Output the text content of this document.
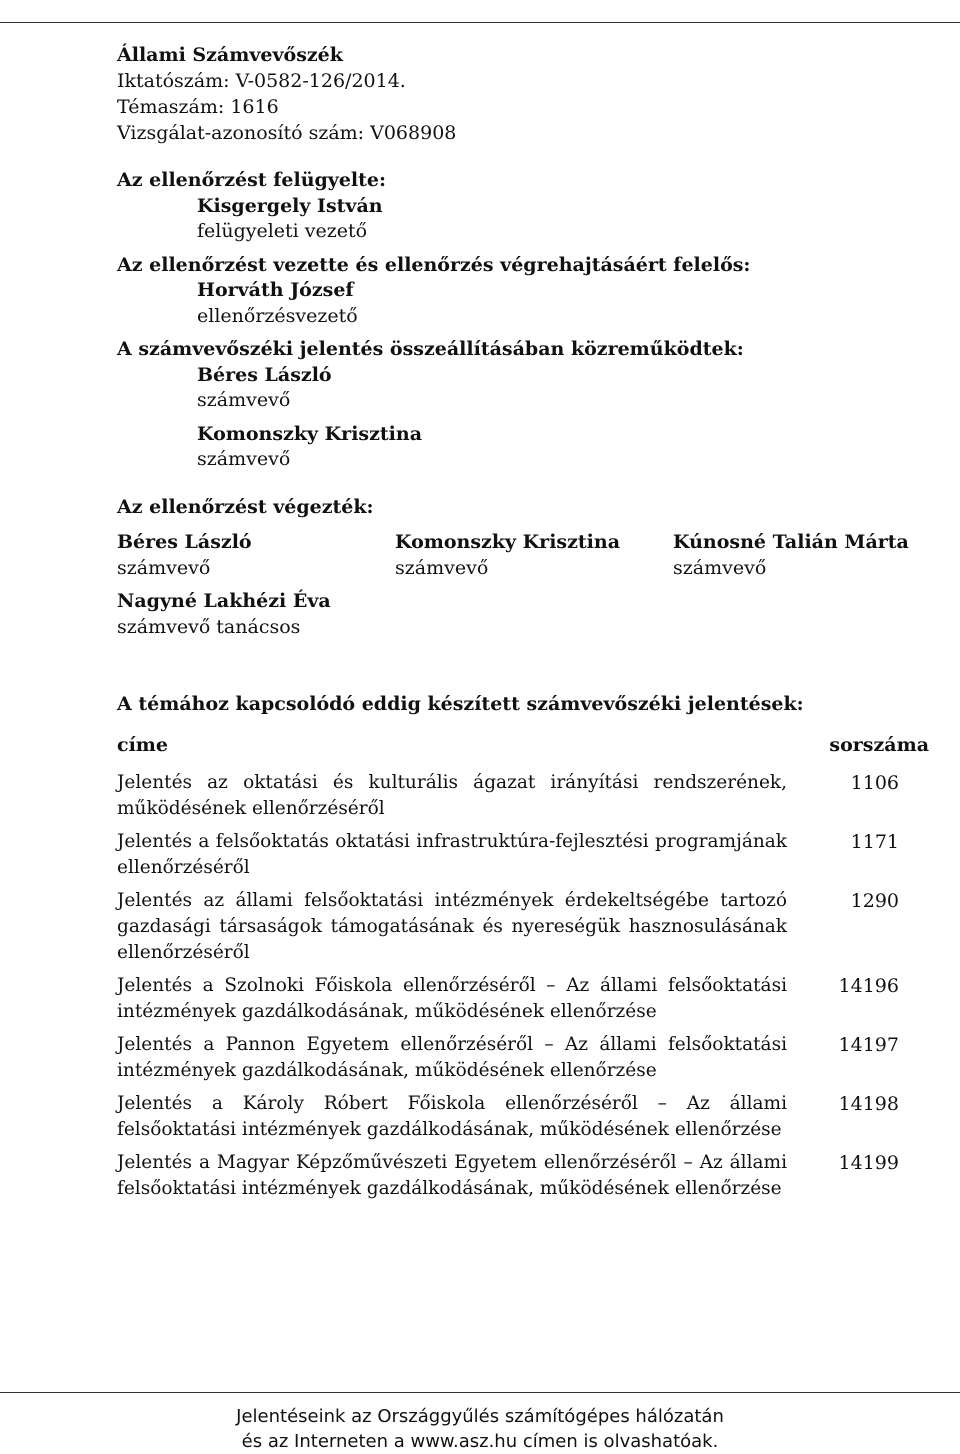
Állami Számvevőszék
Iktatószám: V-0582-126/2014.
Témaszám: 1616
Vizsgálat-azonosító szám: V068908
Az ellenőrzést felügyelte:
Kisgergely István
felügyeleti vezető
Az ellenőrzést vezette és ellenőrzés végrehajtásáért felelős:
Horváth József
ellenőrzésvezető
A számvevőszéki jelentés összeállításában közreműködtek:
Béres László
számvevő
Komonszky Krisztina
számvevő
Az ellenőrzést végezték:
Béres László
számvevő
Komonszky Krisztina
számvevő
Kúnosné Talián Márta
számvevő
Nagyné Lakhézi Éva
számvevő tanácsos
A témához kapcsolódó eddig készített számvevőszéki jelentések:
címe	sorszáma
Jelentés az oktatási és kulturális ágazat irányítási rendszerének, működésének ellenőrzéséről
1106
Jelentés a felsőoktatás oktatási infrastruktúra-fejlesztési programjának ellenőrzéséről
1171
Jelentés az állami felsőoktatási intézmények érdekeltségébe tartozó gazdasági társaságok támogatásának és nyereségük hasznosulásának ellenőrzéséről
1290
Jelentés a Szolnoki Főiskola ellenőrzéséről – Az állami felsőoktatási intézmények gazdálkodásának, működésének ellenőrzése
14196
Jelentés a Pannon Egyetem ellenőrzéséről – Az állami felsőoktatási intézmények gazdálkodásának, működésének ellenőrzése
14197
Jelentés a Károly Róbert Főiskola ellenőrzéséről – Az állami felsőoktatási intézmények gazdálkodásának, működésének ellenőrzése
14198
Jelentés a Magyar Képzőművészeti Egyetem ellenőrzéséről – Az állami felsőoktatási intézmények gazdálkodásának, működésének ellenőrzése
14199
Jelentéseink az Országgyűlés számítógépes hálózatán
és az Interneten a www.asz.hu címen is olvashatóak.
